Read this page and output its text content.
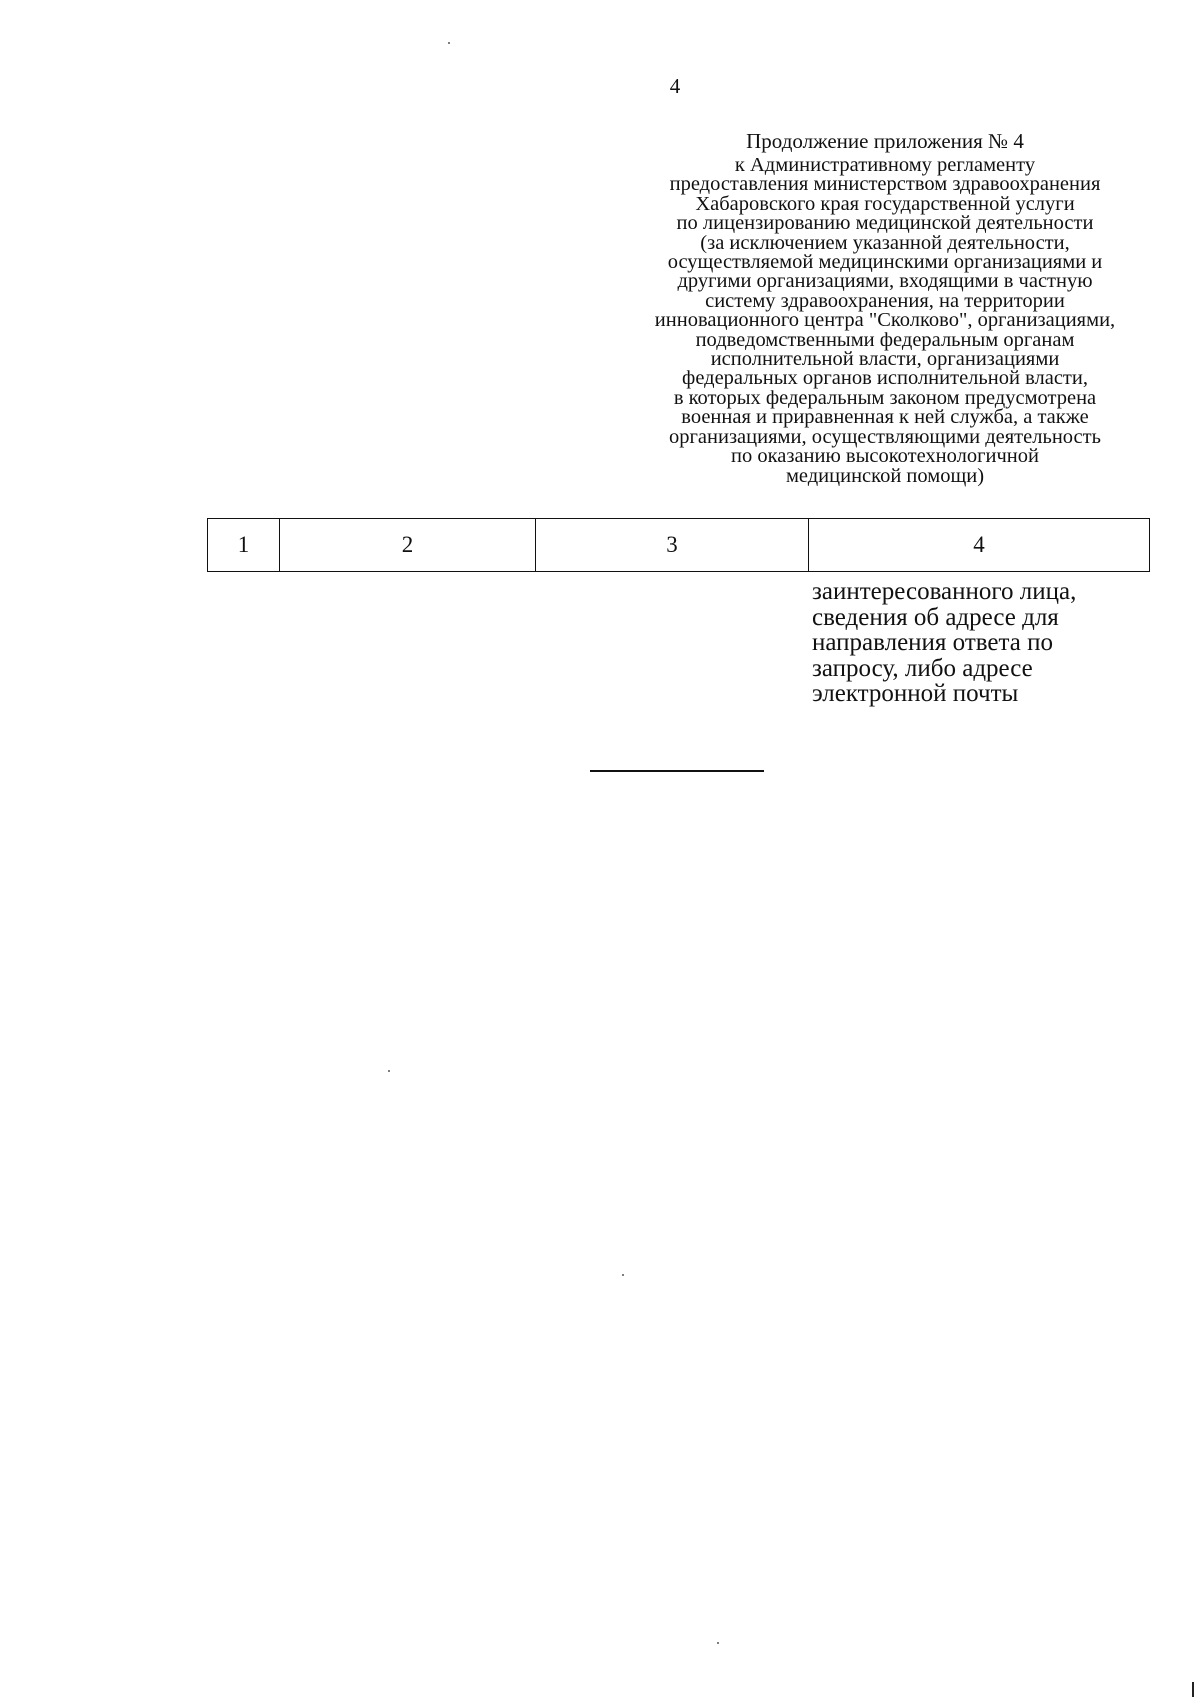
4
Продолжение приложения № 4
к Административному регламенту
предоставления министерством здравоохранения
Хабаровского края государственной услуги
по лицензированию медицинской деятельности
(за исключением указанной деятельности,
осуществляемой медицинскими организациями и
другими организациями, входящими в частную
систему здравоохранения, на территории
инновационного центра "Сколково", организациями,
подведомственными федеральным органам
исполнительной власти, организациями
федеральных органов исполнительной власти,
в которых федеральным законом предусмотрена
военная и приравненная к ней служба, а также
организациями, осуществляющими деятельность
по оказанию высокотехнологичной
медицинской помощи)
1	2	3	4
заинтересованного лица,
сведения об адресе для
направления ответа по
запросу, либо адресе
электронной почты
